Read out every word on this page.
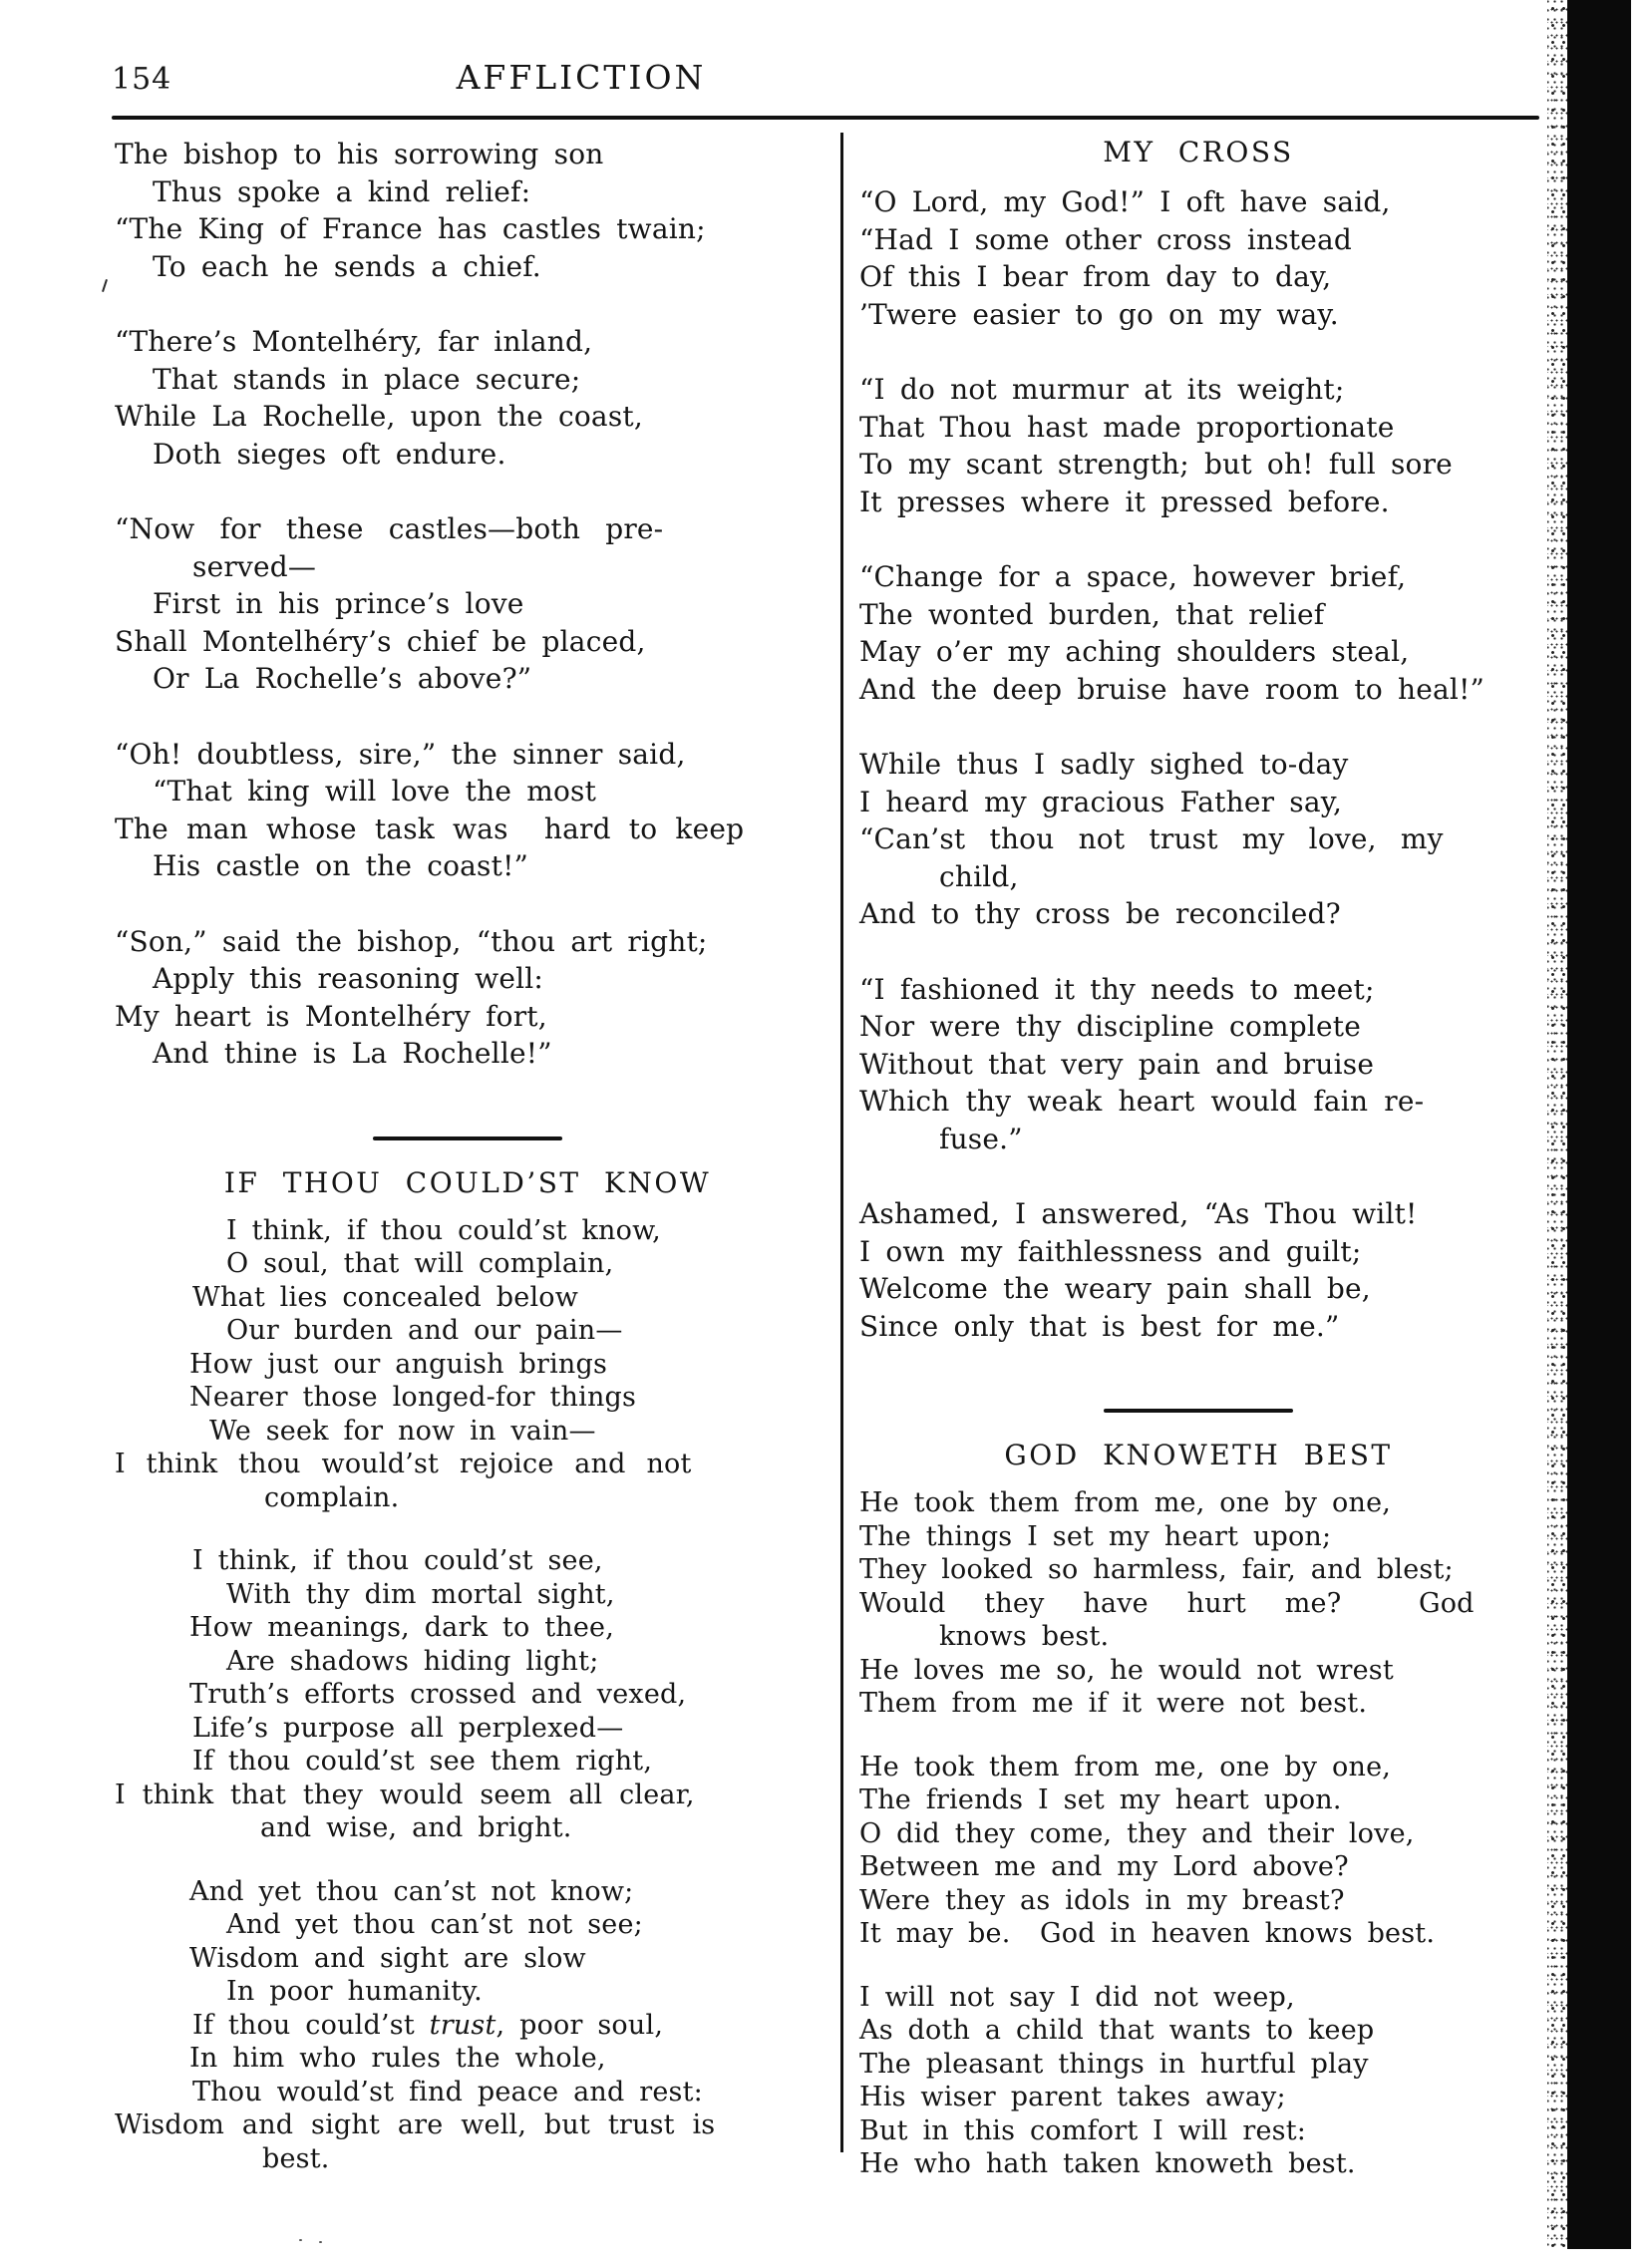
154	AFFLICTION
The bishop to his sorrowing son
Thus spoke a kind relief:
“The King of France has castles twain;
To each he sends a chief.
“There’s Montelhéry, far inland,
That stands in place secure;
While La Rochelle, upon the coast,
Doth sieges oft endure.
“Now for these castles—both pre-
served—
First in his prince’s love
Shall Montelhéry’s chief be placed,
Or La Rochelle’s above?”
“Oh! doubtless, sire,” the sinner said,
“That king will love the most
The man whose task was  hard to keep
His castle on the coast!”
“Son,” said the bishop, “thou art right;
Apply this reasoning well:
My heart is Montelhéry fort,
And thine is La Rochelle!”
IF THOU COULD’ST KNOW
I think, if thou could’st know,
O soul, that will complain,
What lies concealed below
Our burden and our pain—
How just our anguish brings
Nearer those longed-for things
We seek for now in vain—
I think thou would’st rejoice and not
complain.
I think, if thou could’st see,
With thy dim mortal sight,
How meanings, dark to thee,
Are shadows hiding light;
Truth’s efforts crossed and vexed,
Life’s purpose all perplexed—
If thou could’st see them right,
I think that they would seem all clear,
and wise, and bright.
And yet thou can’st not know;
And yet thou can’st not see;
Wisdom and sight are slow
In poor humanity.
If thou could’st trust, poor soul,
In him who rules the whole,
Thou would’st find peace and rest:
Wisdom and sight are well, but trust is
best.
MY CROSS
“O Lord, my God!” I oft have said,
“Had I some other cross instead
Of this I bear from day to day,
’Twere easier to go on my way.
“I do not murmur at its weight;
That Thou hast made proportionate
To my scant strength; but oh! full sore
It presses where it pressed before.
“Change for a space, however brief,
The wonted burden, that relief
May o’er my aching shoulders steal,
And the deep bruise have room to heal!”
While thus I sadly sighed to-day
I heard my gracious Father say,
“Can’st thou not trust my love, my
child,
And to thy cross be reconciled?
“I fashioned it thy needs to meet;
Nor were thy discipline complete
Without that very pain and bruise
Which thy weak heart would fain re-
fuse.”
Ashamed, I answered, “As Thou wilt!
I own my faithlessness and guilt;
Welcome the weary pain shall be,
Since only that is best for me.”
GOD KNOWETH BEST
He took them from me, one by one,
The things I set my heart upon;
They looked so harmless, fair, and blest;
Would they have hurt me?  God
knows best.
He loves me so, he would not wrest
Them from me if it were not best.
He took them from me, one by one,
The friends I set my heart upon.
O did they come, they and their love,
Between me and my Lord above?
Were they as idols in my breast?
It may be.  God in heaven knows best.
I will not say I did not weep,
As doth a child that wants to keep
The pleasant things in hurtful play
His wiser parent takes away;
But in this comfort I will rest:
He who hath taken knoweth best.
